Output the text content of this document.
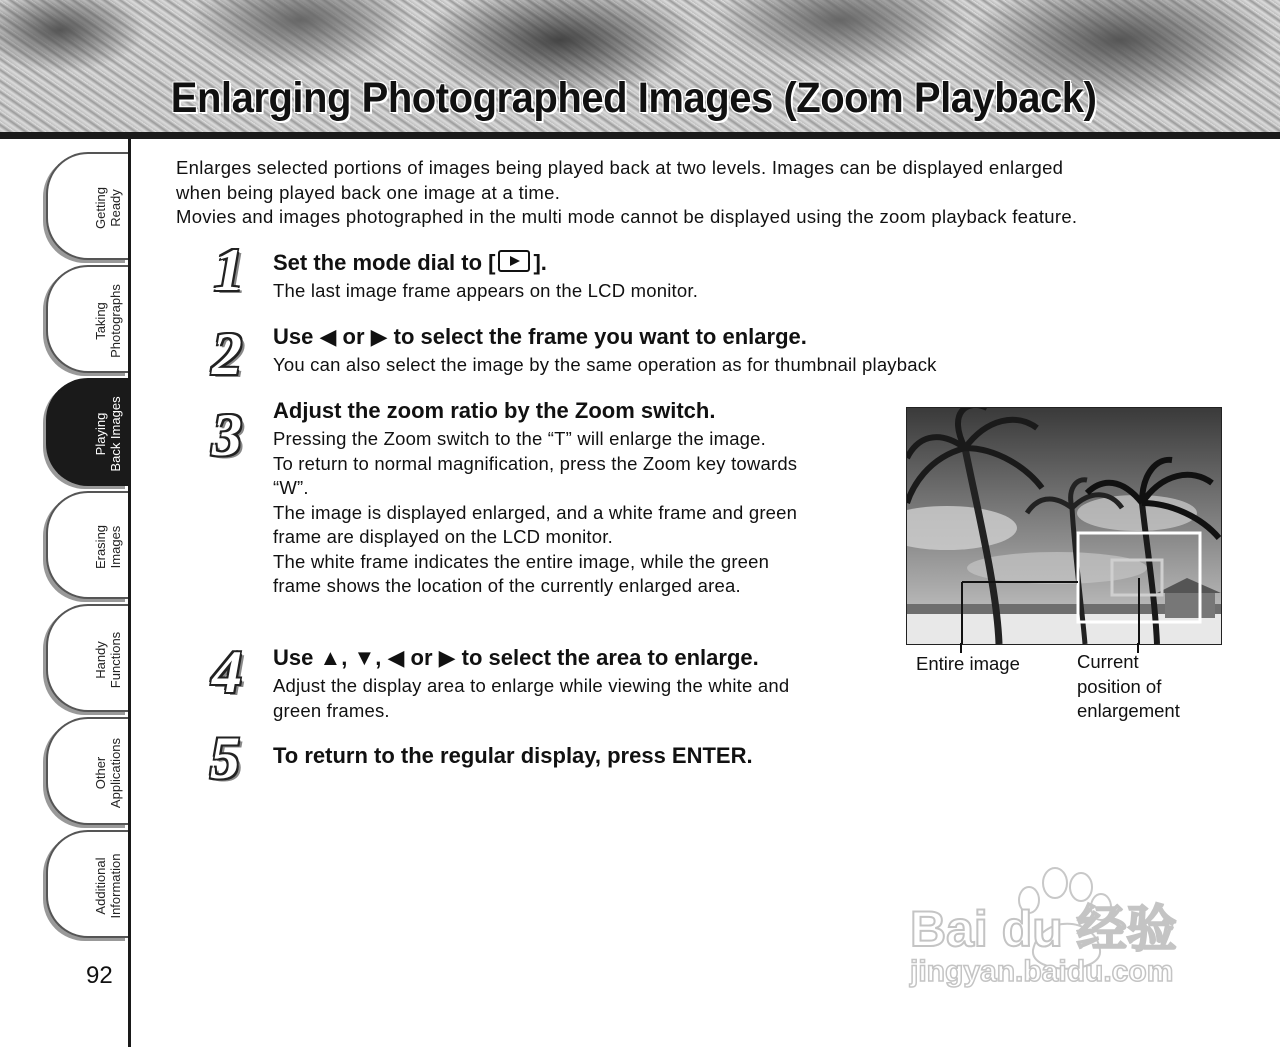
Enlarging Photographed Images (Zoom Playback)
Getting
Ready
Taking
Photographs
Playing
Back Images
Erasing
Images
Handy
Functions
Other
Applications
Additional
Information
92

Enlarges selected portions of images being played back at two levels. Images can be displayed enlarged

when being played back one image at a time.

Movies and images photographed in the multi mode cannot be displayed using the zoom playback feature.

1 Set the mode dial to [ ].

The last image frame appears on the LCD monitor.

2 Use ◀ or ▶ to select the frame you want to enlarge.

You can also select the image by the same operation as for thumbnail playback

3 Adjust the zoom ratio by the Zoom switch.

Pressing the Zoom switch to the “T” will enlarge the image.

To return to normal magnification, press the Zoom key towards

“W”.

The image is displayed enlarged, and a white frame and green

frame are displayed on the LCD monitor.

The white frame indicates the entire image, while the green

frame shows the location of the currently enlarged area.

4 Use ▲, ▼, ◀ or ▶ to select the area to enlarge.

Adjust the display area to enlarge while viewing the white and

green frames.

5 To return to the regular display, press ENTER.
Entire image	Current
position of
enlargement
Bai du 经验
jingyan.baidu.com
